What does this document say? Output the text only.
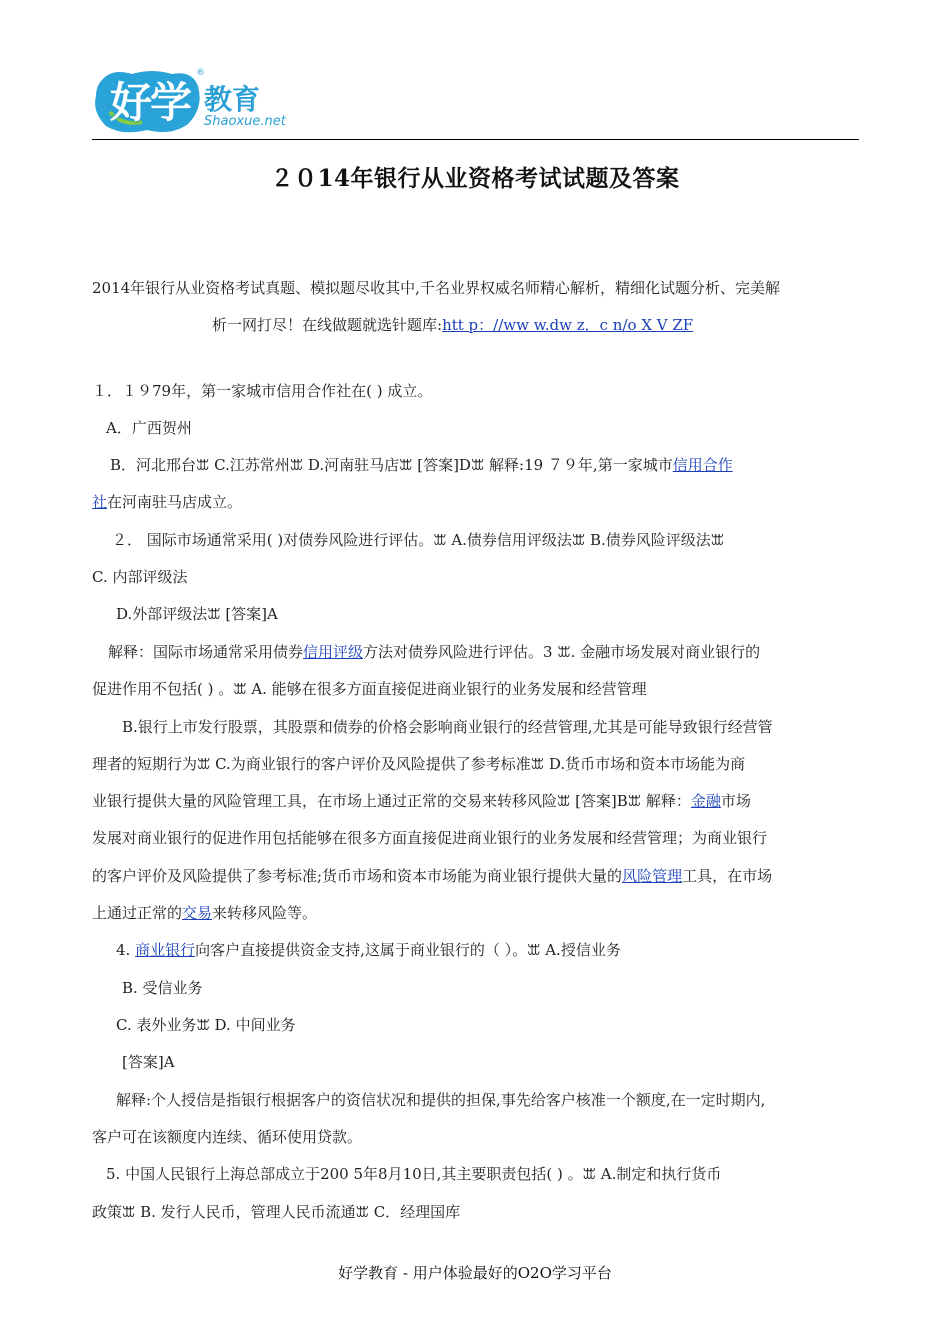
好学
®
教育
Shaoxue.net
２０14年银行从业资格考试试题及答案
2014年银行从业资格考试真题、模拟题尽收其中,千名业界权威名师精心解析，精细化试题分析、完美解
析一网打尽！在线做题就选针题库:htt p：//ww w.dw z．c n/o X V ZF
１．１９79年，第一家城市信用合作社在( ) 成立。
A．广西贺州
B．河北邢台ꕭ C.江苏常州ꕭ D.河南驻马店ꕭ [答案]Dꕭ 解释:19 ７９年,第一家城市信用合作
社在河南驻马店成立。
２． 国际市场通常采用( )对债券风险进行评估。ꕭ A.债券信用评级法ꕭ B.债券风险评级法ꕭ
C. 内部评级法
D.外部评级法ꕭ [答案]A
解释：国际市场通常采用债券信用评级方法对债券风险进行评估。3 ꕭ. 金融市场发展对商业银行的
促进作用不包括( ) 。ꕭ A. 能够在很多方面直接促进商业银行的业务发展和经营管理
B.银行上市发行股票，其股票和债券的价格会影响商业银行的经营管理,尤其是可能导致银行经营管
理者的短期行为ꕭ C.为商业银行的客户评价及风险提供了参考标准ꕭ D.货币市场和资本市场能为商
业银行提供大量的风险管理工具，在市场上通过正常的交易来转移风险ꕭ [答案]Bꕭ 解释：金融市场
发展对商业银行的促进作用包括能够在很多方面直接促进商业银行的业务发展和经营管理；为商业银行
的客户评价及风险提供了参考标准;货币市场和资本市场能为商业银行提供大量的风险管理工具，在市场
上通过正常的交易来转移风险等。
4. 商业银行向客户直接提供资金支持,这属于商业银行的（ ）。ꕭ A.授信业务
B. 受信业务
C. 表外业务ꕭ D. 中间业务
[答案]A
解释:个人授信是指银行根据客户的资信状况和提供的担保,事先给客户核准一个额度,在一定时期内,
客户可在该额度内连续、循环使用贷款。
5. 中国人民银行上海总部成立于200 5年8月10日,其主要职责包括( ) 。ꕭ A.制定和执行货币
政策ꕭ B. 发行人民币，管理人民币流通ꕭ C．经理国库
好学教育 - 用户体验最好的O2O学习平台
